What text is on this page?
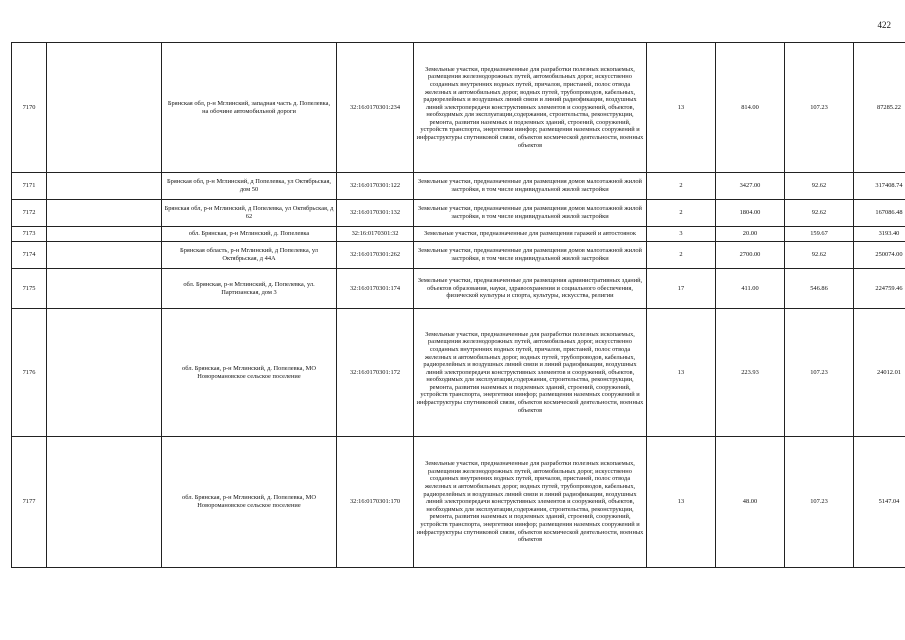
422
7170		Брянская обл, р-н Мглинский, западная часть д. Попелевка, на обочине автомобильной дороги	32:16:0170301:234	Земельные участки, предназначенные для разработки полезных ископаемых, размещения железнодорожных путей, автомобильных дорог, искусственно созданных внутренних водных путей, причалов, пристаней, полос отвода железных и автомобильных дорог, водных путей, трубопроводов, кабельных, радиорелейных и воздушных линий связи и линий радиофикации, воздушных линий электропередачи конструктивных элементов и сооружений, объектов, необходимых для эксплуатации,содержания, строительства, реконструкции, ремонта, развития наземных и подземных зданий, строений, сооружений, устройств транспорта, энергетики иинфор; размещения наземных сооружений и инфраструктуры спутниковой связи, объектов космической деятельности, военных объектов	13	814.00	107.23	87285.22
7171		Брянская обл, р-н Мглинский, д Попелевка, ул Октябрьская, дом 50	32:16:0170301:122	Земельные участки, предназначенные для размещения домов малоэтажной жилой застройки, в том числе индивидуальной жилой застройки	2	3427.00	92.62	317408.74
7172		Брянская обл, р-н Мглинский, д Попелевка, ул Октябрьская, д 62	32:16:0170301:132	Земельные участки, предназначенные для размещения домов малоэтажной жилой застройки, в том числе индивидуальной жилой застройки	2	1804.00	92.62	167086.48
7173		обл. Брянская, р-н Мглинский, д. Попелевка	32:16:0170301:32	Земельные участки, предназначенные для размещения гаражей и автостоянок	3	20.00	159.67	3193.40
7174		Брянская область, р-н Мглинский, д Попелевка, ул Октябрьская, д 44А	32:16:0170301:262	Земельные участки, предназначенные для размещения домов малоэтажной жилой застройки, в том числе индивидуальной жилой застройки	2	2700.00	92.62	250074.00
7175		обл. Брянская, р-н Мглинский, д. Попелевка, ул. Партизанская, дом 3	32:16:0170301:174	Земельные участки, предназначенные для размещения административных зданий, объектов образования, науки, здравоохранения и социального обеспечения, физической культуры и спорта, культуры, искусства, религии	17	411.00	546.86	224759.46
7176		обл. Брянская, р-н Мглинский, д. Попелевка, МО Новоромановское сельское поселение	32:16:0170301:172	Земельные участки, предназначенные для разработки полезных ископаемых, размещения железнодорожных путей, автомобильных дорог, искусственно созданных внутренних водных путей, причалов, пристаней, полос отвода железных и автомобильных дорог, водных путей, трубопроводов, кабельных, радиорелейных и воздушных линий связи и линий радиофикации, воздушных линий электропередачи конструктивных элементов и сооружений, объектов, необходимых для эксплуатации,содержания, строительства, реконструкции, ремонта, развития наземных и подземных зданий, строений, сооружений, устройств транспорта, энергетики иинфор; размещения наземных сооружений и инфраструктуры спутниковой связи, объектов космической деятельности, военных объектов	13	223.93	107.23	24012.01
7177		обл. Брянская, р-н Мглинский, д. Попелевка, МО Новоромановское сельское поселение	32:16:0170301:170	Земельные участки, предназначенные для разработки полезных ископаемых, размещения железнодорожных путей, автомобильных дорог, искусственно созданных внутренних водных путей, причалов, пристаней, полос отвода железных и автомобильных дорог, водных путей, трубопроводов, кабельных, радиорелейных и воздушных линий связи и линий радиофикации, воздушных линий электропередачи конструктивных элементов и сооружений, объектов, необходимых для эксплуатации,содержания, строительства, реконструкции, ремонта, развития наземных и подземных зданий, строений, сооружений, устройств транспорта, энергетики иинфор; размещения наземных сооружений и инфраструктуры спутниковой связи, объектов космической деятельности, военных объектов	13	48.00	107.23	5147.04
